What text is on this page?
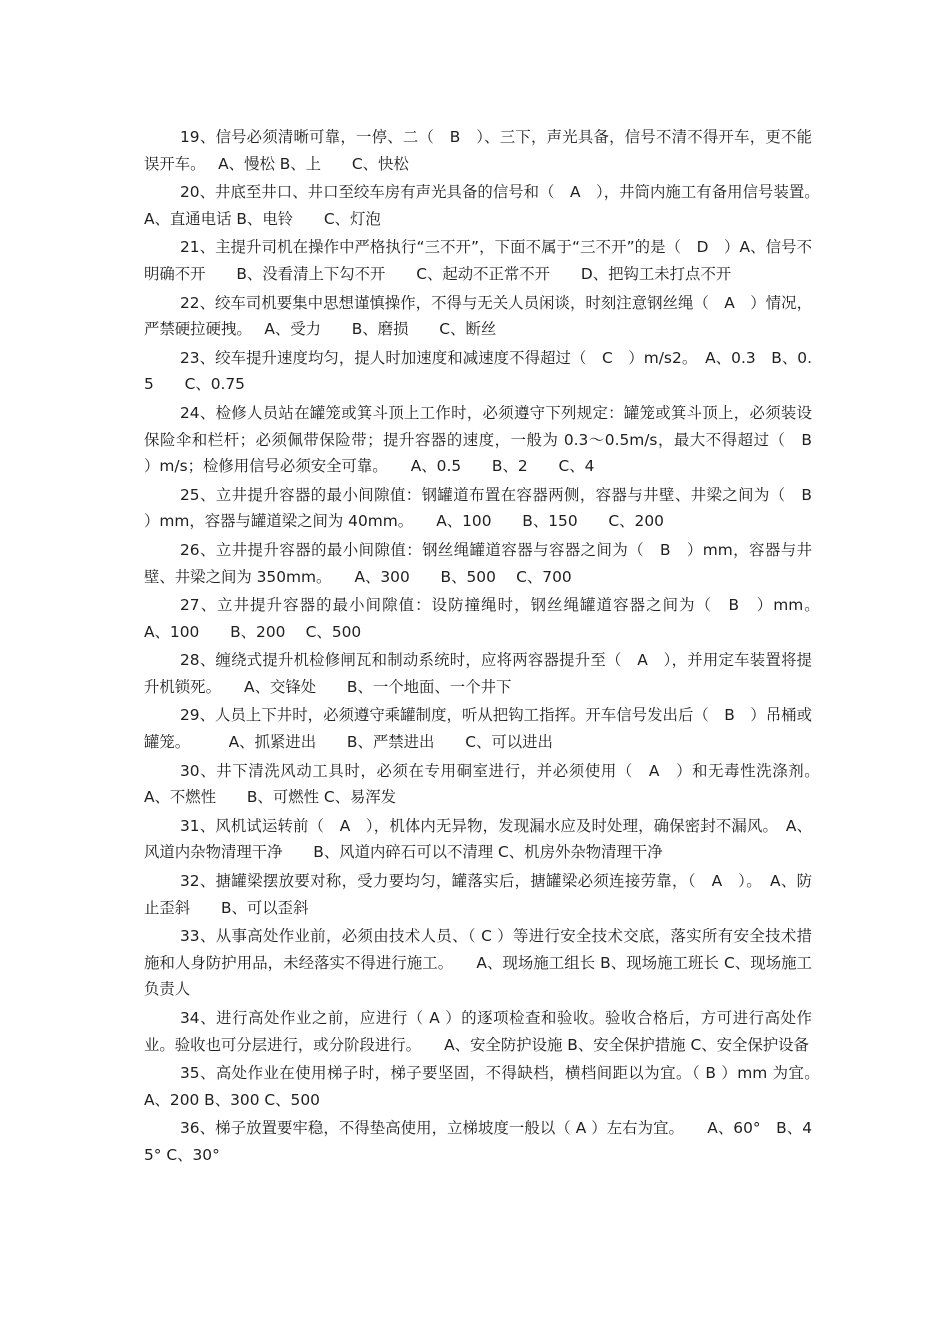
19、信号必须清晰可靠，一停、二（　B　）、三下，声光具备，信号不清不得开车，更不能误开车。　 A、慢松 B、上　　C、快松

20、井底至井口、井口至绞车房有声光具备的信号和（　A　），井筒内施工有备用信号装置。　 A、直通电话 B、电铃　　C、灯泡

21、主提升司机在操作中严格执行“三不开”，下面不属于“三不开”的是（　D　）A、信号不明确不开　　B、没看清上下勾不开　　C、起动不正常不开　　D、把钩工未打点不开

22、绞车司机要集中思想谨慎操作，不得与无关人员闲谈，时刻注意钢丝绳（　A　）情况，严禁硬拉硬拽。　 A、受力　　B、磨损　　C、断丝

23、绞车提升速度均匀，提人时加速度和减速度不得超过（　C　）m/s2。　A、0.3　B、0.5　　C、0.75

24、检修人员站在罐笼或箕斗顶上工作时，必须遵守下列规定：罐笼或箕斗顶上，必须装设保险伞和栏杆；必须佩带保险带；提升容器的速度，一般为 0.3～0.5m/s，最大不得超过（　B　）m/s；检修用信号必须安全可靠。　　A、0.5　　B、2　　C、4

25、立井提升容器的最小间隙值：钢罐道布置在容器两侧，容器与井壁、井梁之间为（　B　）mm，容器与罐道梁之间为 40mm。　　A、100　　B、150　　C、200

26、立井提升容器的最小间隙值：钢丝绳罐道容器与容器之间为（　B　）mm，容器与井壁、井梁之间为 350mm。　　A、300　　B、500　 C、700

27、立井提升容器的最小间隙值：设防撞绳时，钢丝绳罐道容器之间为（　B　）mm。　A、100　　B、200　 C、500

28、缠绕式提升机检修闸瓦和制动系统时，应将两容器提升至（　A　），并用定车装置将提升机锁死。　　A、交锋处　　B、一个地面、一个井下

29、人员上下井时，必须遵守乘罐制度，听从把钩工指挥。开车信号发出后（　B　）吊桶或罐笼。　　　A、抓紧进出　　B、严禁进出　　C、可以进出

30、井下清洗风动工具时，必须在专用硐室进行，并必须使用（　A　）和无毒性洗涤剂。　A、不燃性　　B、可燃性 C、易浑发

31、风机试运转前（　A　），机体内无异物，发现漏水应及时处理，确保密封不漏风。　A、风道内杂物清理干净　　B、风道内碎石可以不清理 C、机房外杂物清理干净

32、搪罐梁摆放要对称，受力要均匀，罐落实后，搪罐梁必须连接劳靠，（　A　）。　A、防止歪斜　　B、可以歪斜

33、从事高处作业前，必须由技术人员、（ C ）等进行安全技术交底，落实所有安全技术措施和人身防护用品，未经落实不得进行施工。　　A、现场施工组长 B、现场施工班长 C、现场施工负责人

34、进行高处作业之前，应进行（ A ）的逐项检查和验收。验收合格后，方可进行高处作业。验收也可分层进行，或分阶段进行。　　A、安全防护设施 B、安全保护措施 C、安全保护设备

35、高处作业在使用梯子时，梯子要坚固，不得缺档，横档间距以为宜。（ B ）mm 为宜。　A、200 B、300 C、500

36、梯子放置要牢稳，不得垫高使用，立梯坡度一般以（ A ）左右为宜。　　A、60°　B、45° C、30°
